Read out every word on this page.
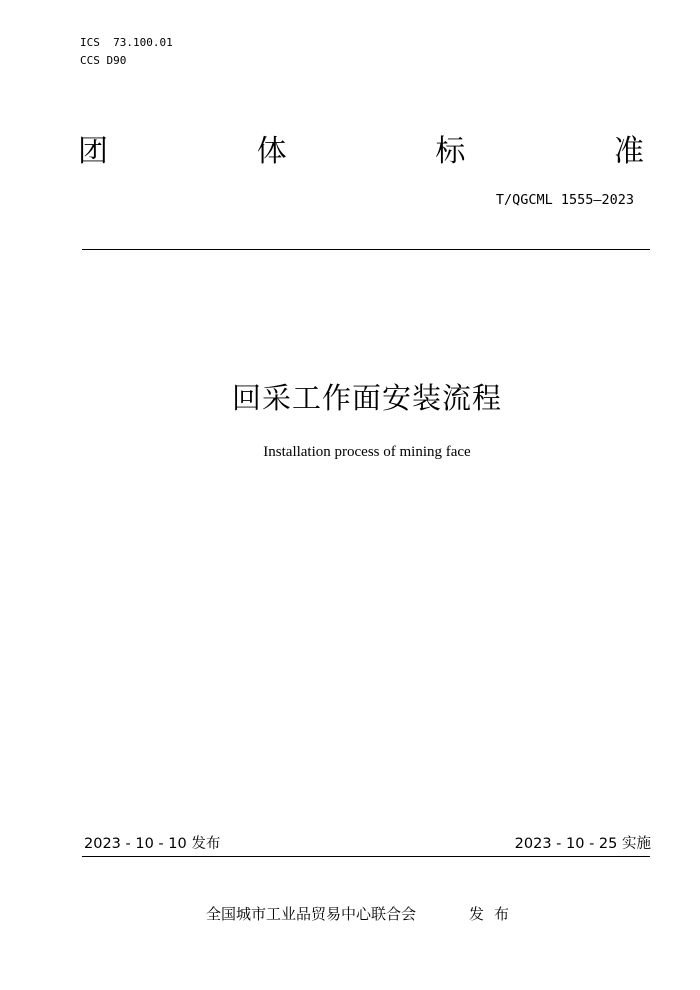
ICS  73.100.01
CCS D90
团	体	标	准
T/QGCML 1555—2023
回采工作面安装流程
Installation process of mining face
2023 - 10 - 10 发布	2023 - 10 - 25 实施
全国城市工业品贸易中心联合会	发布
